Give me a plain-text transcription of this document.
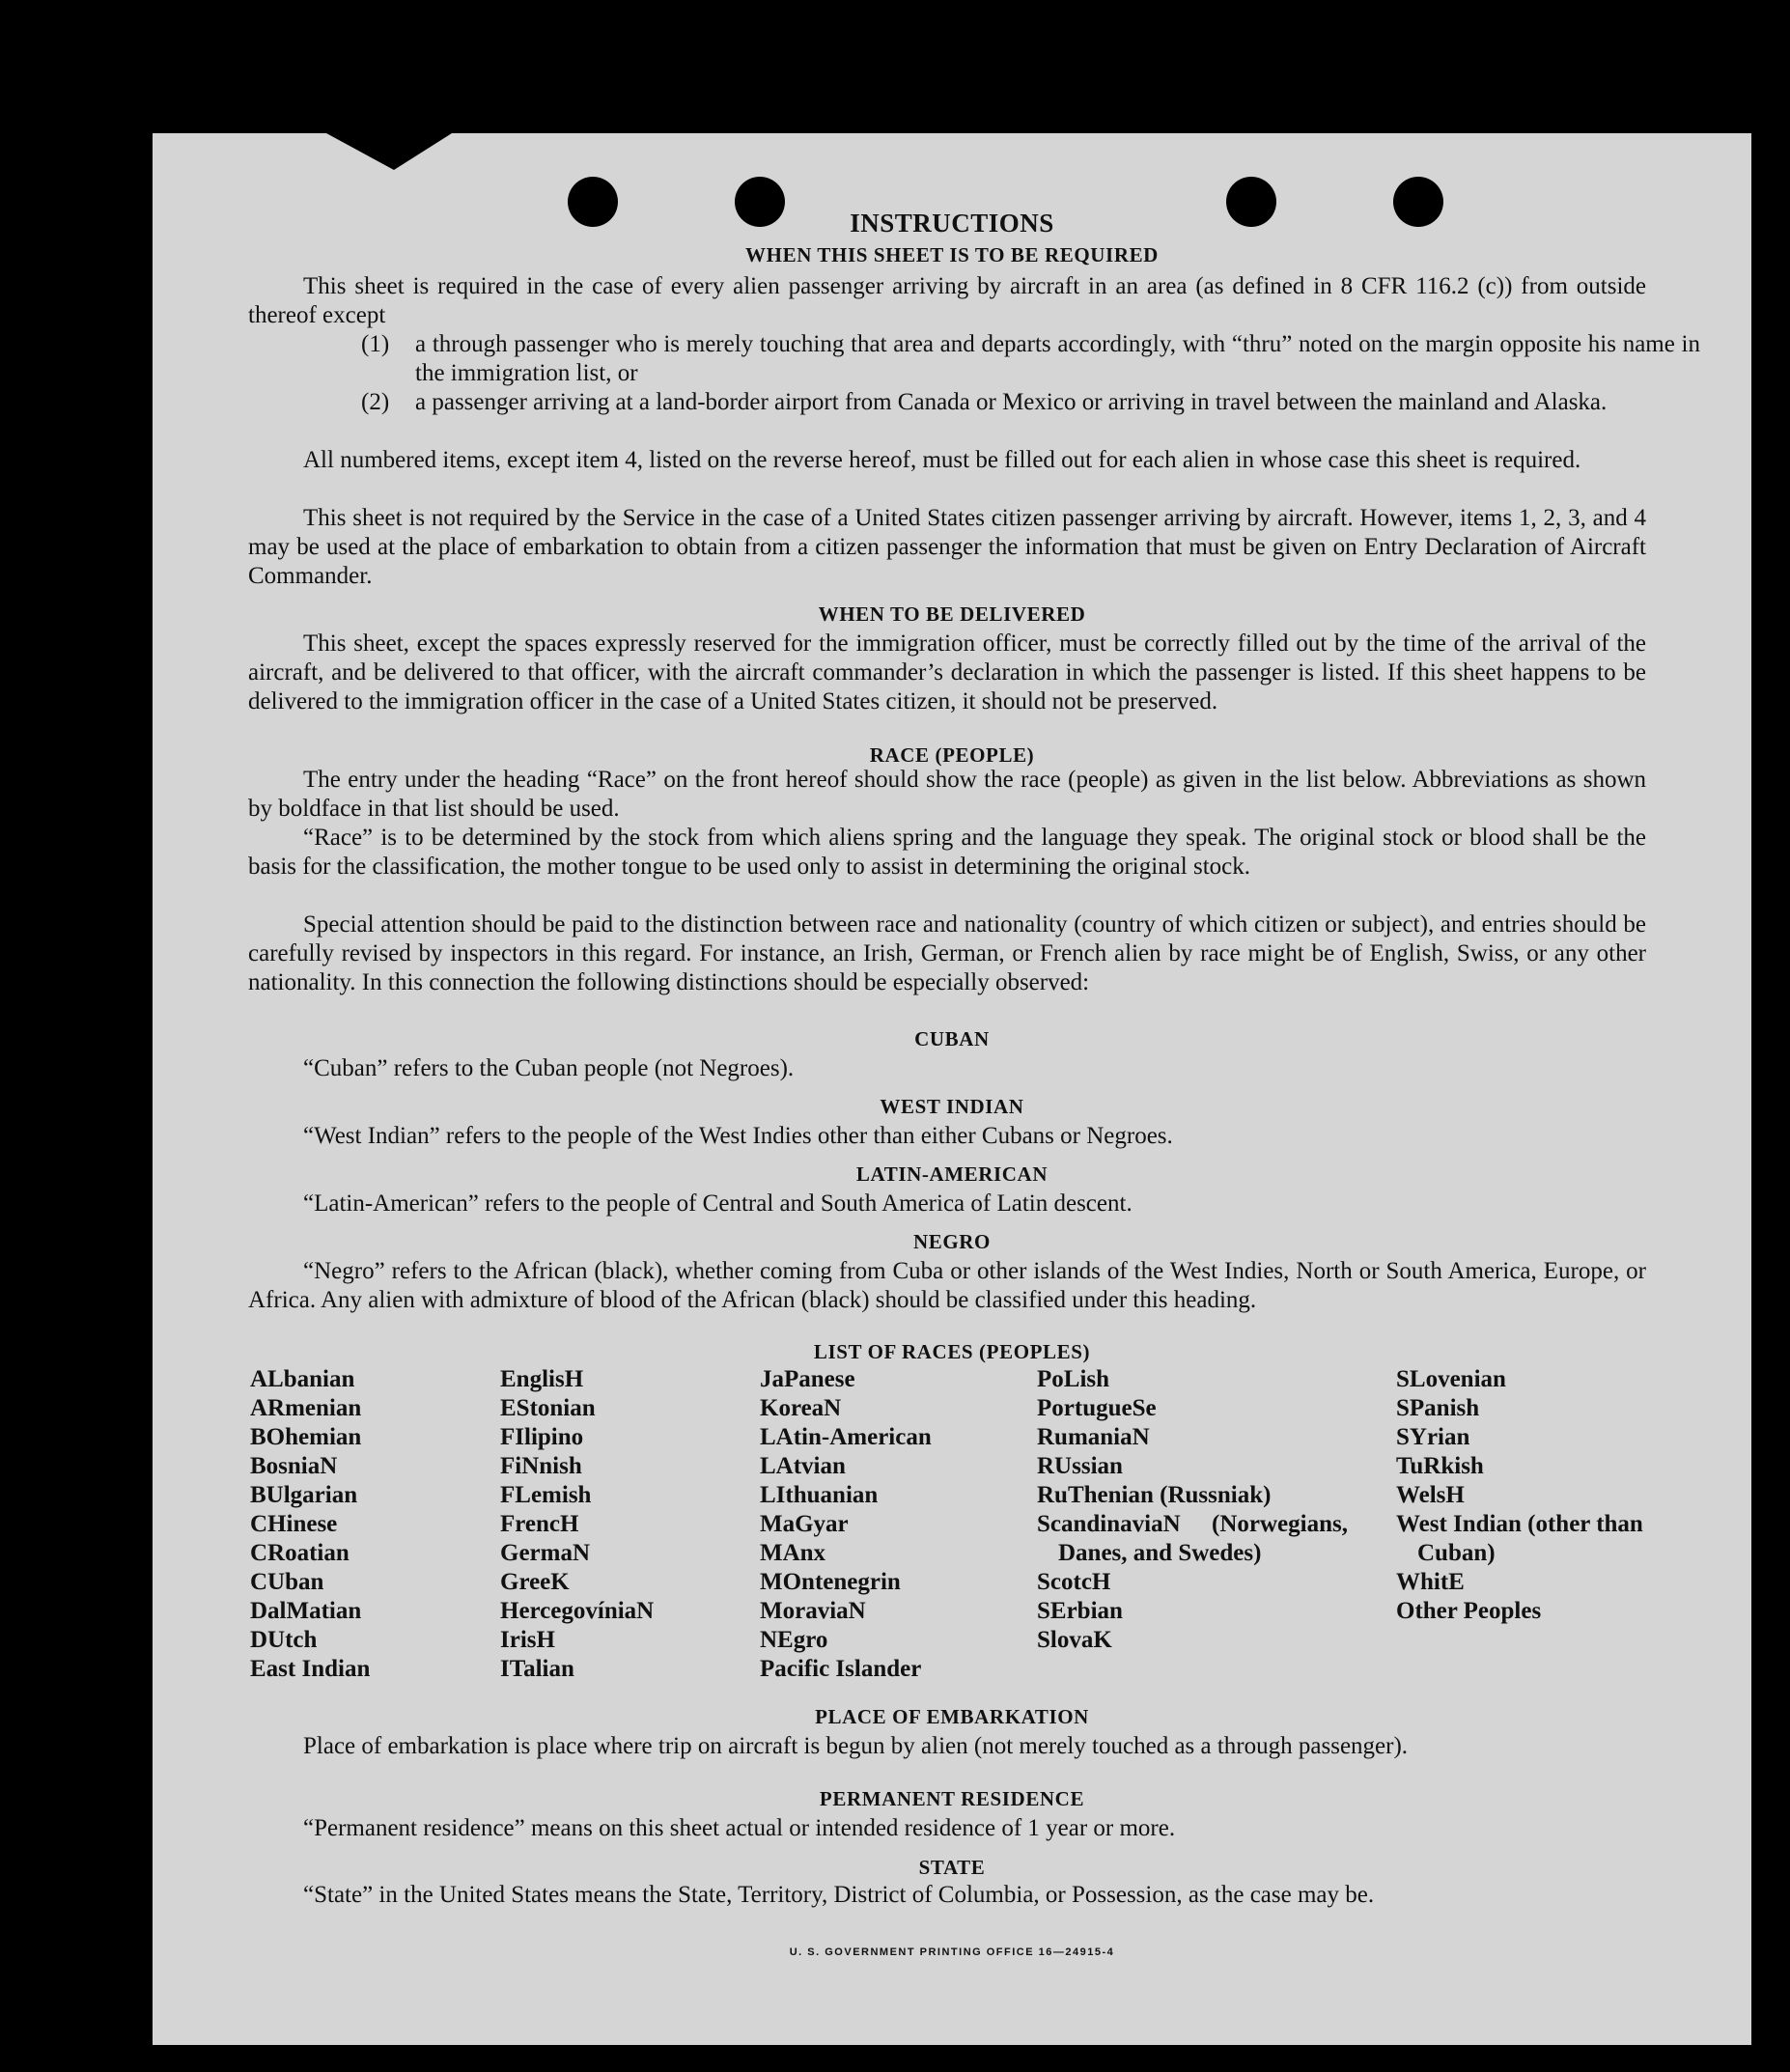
INSTRUCTIONS

WHEN THIS SHEET IS TO BE REQUIRED

This sheet is required in the case of every alien passenger arriving by aircraft in an area (as defined in 8 CFR 116.2 (c)) from outside thereof except

(1) a through passenger who is merely touching that area and departs accordingly, with “thru” noted on the margin opposite his name in the immigration list, or

(2) a passenger arriving at a land-border airport from Canada or Mexico or arriving in travel between the mainland and Alaska.

All numbered items, except item 4, listed on the reverse hereof, must be filled out for each alien in whose case this sheet is required.

This sheet is not required by the Service in the case of a United States citizen passenger arriving by aircraft. However, items 1, 2, 3, and 4 may be used at the place of embarkation to obtain from a citizen passenger the information that must be given on Entry Declaration of Aircraft Commander.

WHEN TO BE DELIVERED

This sheet, except the spaces expressly reserved for the immigration officer, must be correctly filled out by the time of the arrival of the aircraft, and be delivered to that officer, with the aircraft commander’s declaration in which the passenger is listed. If this sheet happens to be delivered to the immigration officer in the case of a United States citizen, it should not be preserved.

RACE (PEOPLE)

The entry under the heading “Race” on the front hereof should show the race (people) as given in the list below. Abbreviations as shown by boldface in that list should be used.

“Race” is to be determined by the stock from which aliens spring and the language they speak. The original stock or blood shall be the basis for the classification, the mother tongue to be used only to assist in determining the original stock.

Special attention should be paid to the distinction between race and nationality (country of which citizen or subject), and entries should be carefully revised by inspectors in this regard. For instance, an Irish, German, or French alien by race might be of English, Swiss, or any other nationality. In this connection the following distinctions should be especially observed:

CUBAN

“Cuban” refers to the Cuban people (not Negroes).

WEST INDIAN

“West Indian” refers to the people of the West Indies other than either Cubans or Negroes.

LATIN-AMERICAN

“Latin-American” refers to the people of Central and South America of Latin descent.

NEGRO

“Negro” refers to the African (black), whether coming from Cuba or other islands of the West Indies, North or South America, Europe, or Africa. Any alien with admixture of blood of the African (black) should be classified under this heading.

LIST OF RACES (PEOPLES)

ALbanian
ARmenian
BOhemian
BosniaN
BUlgarian
CHinese
CRoatian
CUban
DalMatian
DUtch
East Indian
EnglisH
EStonian
FIlipino
FiNnish
FLemish
FrencH
GermaN
GreeK
HercegovíniaN
IrisH
ITalian
JaPanese
KoreaN
LAtin-American
LAtvian
LIthuanian
MaGyar
MAnx
MOntenegrin
MoraviaN
NEgro
Pacific Islander
PoLish
PortugueSe
RumaniaN
RUssian
RuThenian (Russniak)
ScandinaviaN (Norwegians, Danes, and Swedes)
ScotcH
SErbian
SlovaK
SLovenian
SPanish
SYrian
TuRkish
WelsH
West Indian (other than Cuban)
WhitE
Other Peoples

PLACE OF EMBARKATION

Place of embarkation is place where trip on aircraft is begun by alien (not merely touched as a through passenger).

PERMANENT RESIDENCE

“Permanent residence” means on this sheet actual or intended residence of 1 year or more.

STATE

“State” in the United States means the State, Territory, District of Columbia, or Possession, as the case may be.

U. S. GOVERNMENT PRINTING OFFICE 16—24915-4
